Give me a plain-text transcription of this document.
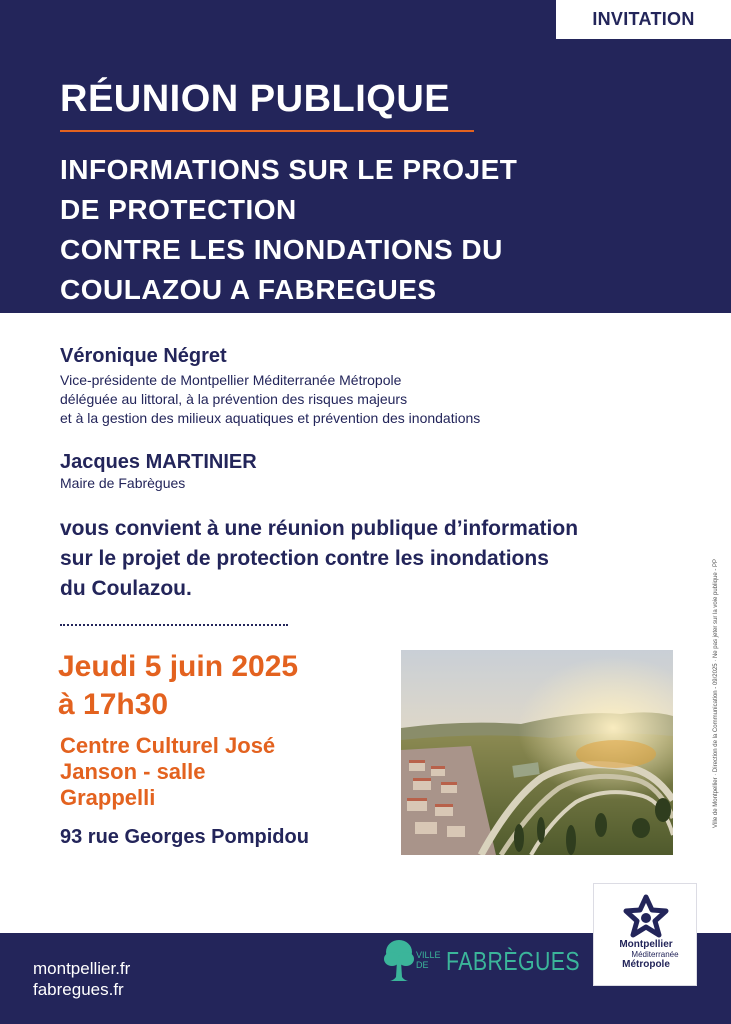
INVITATION
RÉUNION PUBLIQUE
INFORMATIONS SUR LE PROJET
DE PROTECTION
CONTRE LES INONDATIONS DU
COULAZOU A FABREGUES
Véronique Négret
Vice-présidente de Montpellier Méditerranée Métropole
déléguée au littoral, à la prévention des risques majeurs
et à la gestion des milieux aquatiques et prévention des inondations
Jacques MARTINIER
Maire de Fabrègues
vous convient à une réunion publique d’information
sur le projet de protection contre les inondations
du Coulazou.
Jeudi 5 juin 2025
à 17h30
Centre Culturel José
Janson - salle
Grappelli
93 rue Georges Pompidou
Ville de Montpellier · Direction de la Communication - 09/2025 · Ne pas jeter sur la voie publique - PP
montpellier.fr
fabregues.fr
VILLE
DE FABRÈGUES
Montpellier
Méditerranée
Métropole
